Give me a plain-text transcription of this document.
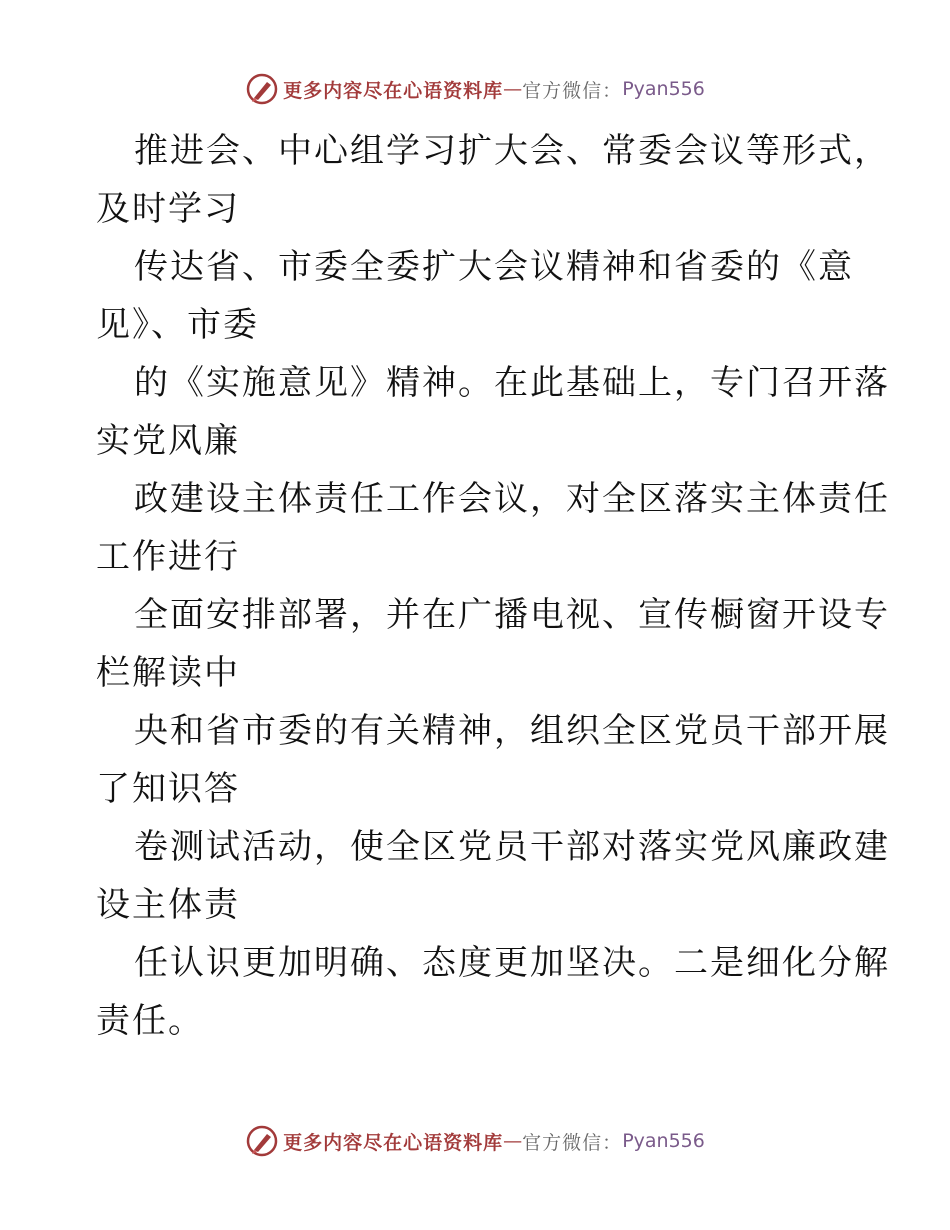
更多内容尽在心语资料库 — 官方微信： Pyan556
推进会、中心组学习扩大会、常委会议等形式，
及时学习
传达省、市委全委扩大会议精神和省委的《意
见》、市委
的《实施意见》精神。在此基础上，专门召开落
实党风廉
政建设主体责任工作会议，对全区落实主体责任
工作进行
全面安排部署，并在广播电视、宣传橱窗开设专
栏解读中
央和省市委的有关精神，组织全区党员干部开展
了知识答
卷测试活动，使全区党员干部对落实党风廉政建
设主体责
任认识更加明确、态度更加坚决。二是细化分解
责任。
更多内容尽在心语资料库 — 官方微信： Pyan556
